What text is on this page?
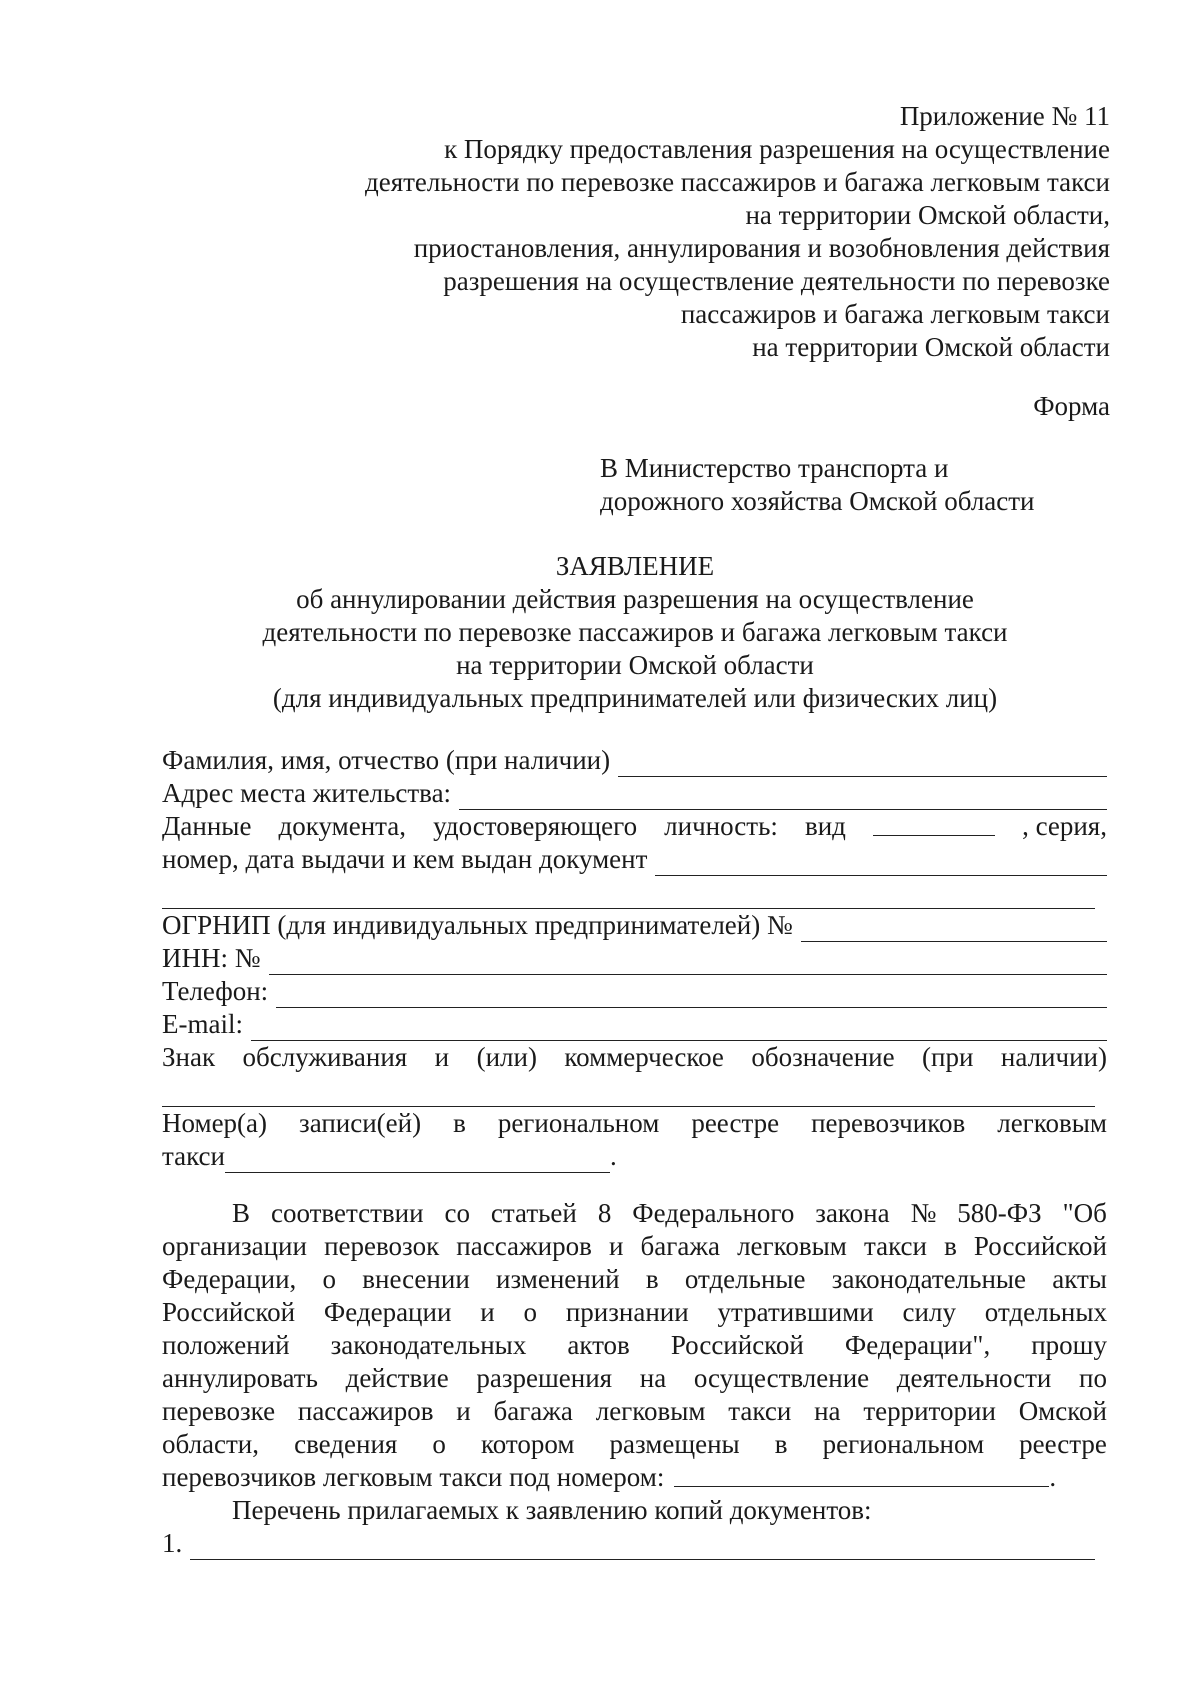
Приложение № 11
к Порядку предоставления разрешения на осуществление
деятельности по перевозке пассажиров и багажа легковым такси
на территории Омской области,
приостановления, аннулирования и возобновления действия
разрешения на осуществление деятельности по перевозке
пассажиров и багажа легковым такси
на территории Омской области
Форма
В Министерство транспорта и
дорожного хозяйства Омской области
ЗАЯВЛЕНИЕ
об аннулировании действия разрешения на осуществление
деятельности по перевозке пассажиров и багажа легковым такси
на территории Омской области
(для индивидуальных предпринимателей или физических лиц)
Фамилия, имя, отчество (при наличии)
Адрес места жительства:
Данные документа, удостоверяющего личность: вид	, серия,
номер, дата выдачи и кем выдан документ
ОГРНИП (для индивидуальных предпринимателей) №
ИНН: №
Телефон:
E-mail:
Знак обслуживания и (или) коммерческое обозначение (при наличии)
Номер(а) записи(ей) в региональном реестре перевозчиков легковым
такси	.
В соответствии со статьей 8 Федерального закона № 580-ФЗ "Об
организации перевозок пассажиров и багажа легковым такси в Российской
Федерации, о внесении изменений в отдельные законодательные акты
Российской Федерации и о признании утратившими силу отдельных
положений законодательных актов Российской Федерации", прошу
аннулировать действие разрешения на осуществление деятельности по
перевозке пассажиров и багажа легковым такси на территории Омской
области, сведения о котором размещены в региональном реестре
перевозчиков легковым такси под номером:	.
Перечень прилагаемых к заявлению копий документов:
1.
